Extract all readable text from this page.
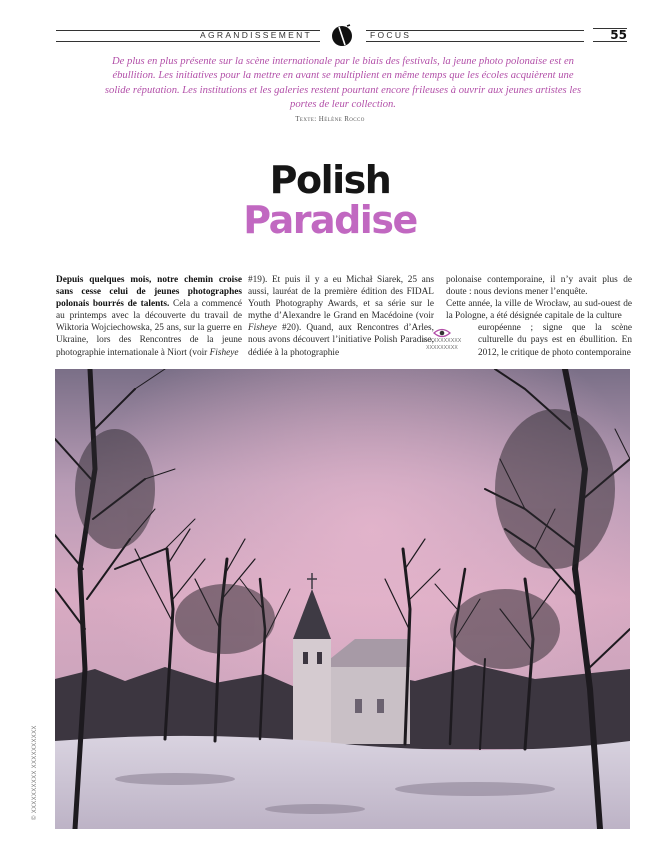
AGRANDISSEMENT	FOCUS	55
De plus en plus présente sur la scène internationale par le biais des festivals, la jeune photo polonaise est en ébullition. Les initiatives pour la mettre en avant se multiplient en même temps que les écoles acquièrent une solide réputation. Les institutions et les galeries restent pourtant encore frileuses à ouvrir aux jeunes artistes les portes de leur collection.
Texte: Hélène Rocco
Polish
Paradise

Depuis quelques mois, notre chemin croise sans cesse celui de jeunes photographes polonais bourrés de talents. Cela a commencé au printemps avec la découverte du travail de Wiktoria Wojciechowska, 25 ans, sur la guerre en Ukraine, lors des Rencontres de la jeune photographie internationale à Niort (voir Fisheye

#19). Et puis il y a eu Michał Siarek, 25 ans aussi, lauréat de la première édition des FIDAL Youth Photography Awards, et sa série sur le mythe d’Alexandre le Grand en Macédoine (voir Fisheye #20). Quand, aux Rencontres d’Arles, nous avons découvert l’initiative Polish Paradise, dédiée à la photographie

polonaise contemporaine, il n’y avait plus de doute : nous devions mener l’enquête.

Cette année, la ville de Wrocław, au sud-ouest de la Pologne, a été désignée capitale de la culture

européenne ; signe que la scène culturelle du pays est en ébullition. En 2012, le critique de photo contemporaine

XXXXXXXXXXX
XXXXXXXXX
© XXXXXXXXXX XXXXXXXXXX
